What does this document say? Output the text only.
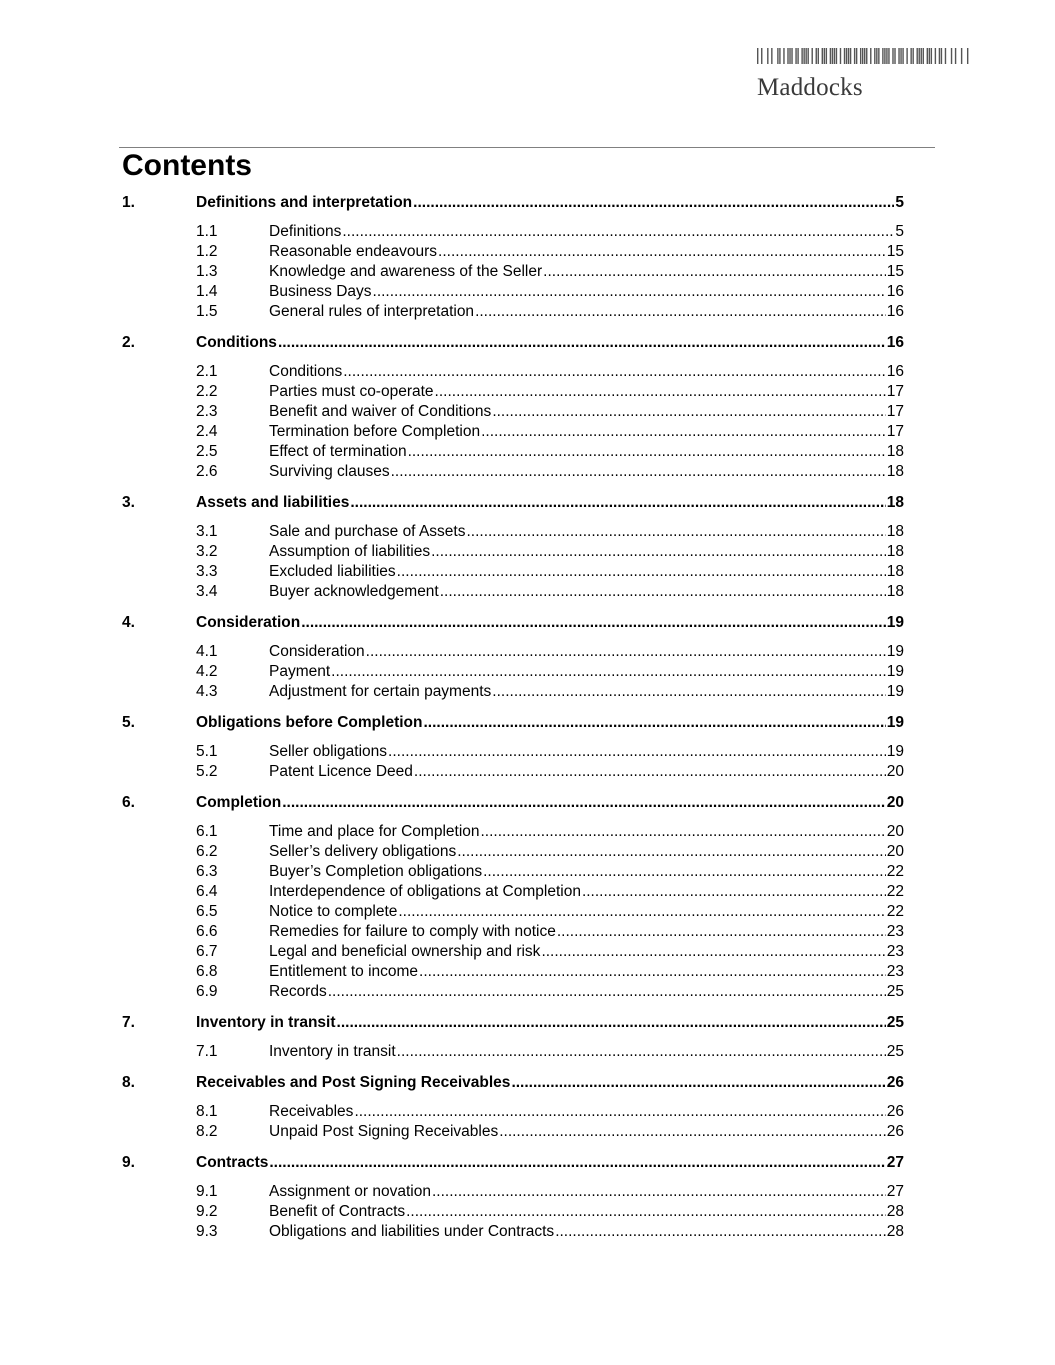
Maddocks
Contents
1.	Definitions and interpretation .....	5
1.1	Definitions .....	5
1.2	Reasonable endeavours .....	15
1.3	Knowledge and awareness of the Seller .....	15
1.4	Business Days .....	16
1.5	General rules of interpretation .....	16
2.	Conditions .....	16
2.1	Conditions .....	16
2.2	Parties must co-operate .....	17
2.3	Benefit and waiver of Conditions .....	17
2.4	Termination before Completion .....	17
2.5	Effect of termination .....	18
2.6	Surviving clauses .....	18
3.	Assets and liabilities .....	18
3.1	Sale and purchase of Assets .....	18
3.2	Assumption of liabilities .....	18
3.3	Excluded liabilities .....	18
3.4	Buyer acknowledgement .....	18
4.	Consideration .....	19
4.1	Consideration .....	19
4.2	Payment .....	19
4.3	Adjustment for certain payments .....	19
5.	Obligations before Completion .....	19
5.1	Seller obligations .....	19
5.2	Patent Licence Deed .....	20
6.	Completion .....	20
6.1	Time and place for Completion .....	20
6.2	Seller’s delivery obligations .....	20
6.3	Buyer’s Completion obligations .....	22
6.4	Interdependence of obligations at Completion .....	22
6.5	Notice to complete .....	22
6.6	Remedies for failure to comply with notice .....	23
6.7	Legal and beneficial ownership and risk .....	23
6.8	Entitlement to income .....	23
6.9	Records .....	25
7.	Inventory in transit .....	25
7.1	Inventory in transit .....	25
8.	Receivables and Post Signing Receivables .....	26
8.1	Receivables .....	26
8.2	Unpaid Post Signing Receivables .....	26
9.	Contracts .....	27
9.1	Assignment or novation .....	27
9.2	Benefit of Contracts .....	28
9.3	Obligations and liabilities under Contracts .....	28
